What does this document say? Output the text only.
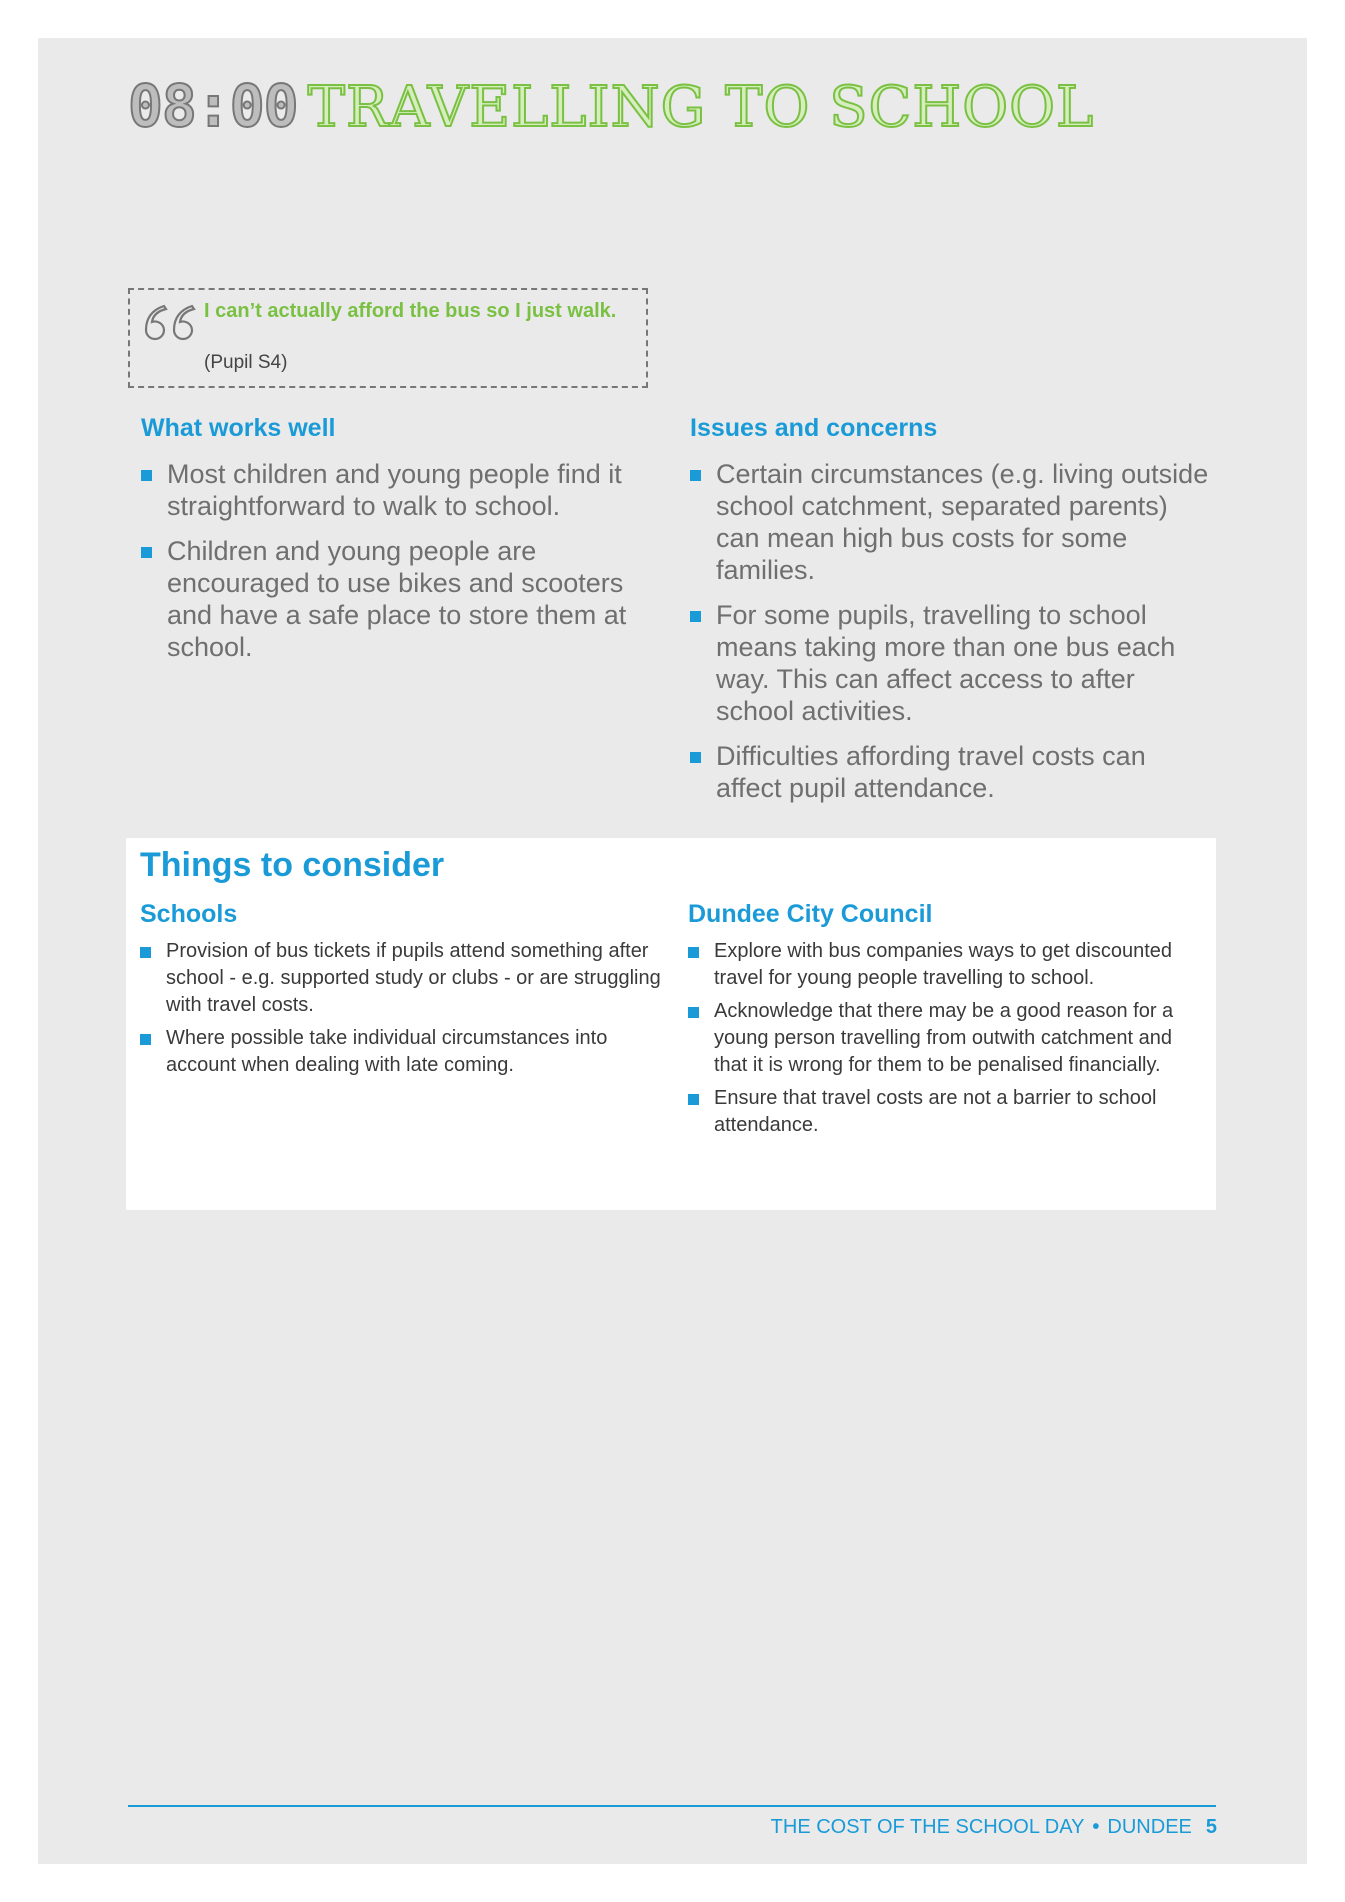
08 : 00 TRAVELLING TO SCHOOL
I can’t actually afford the bus so I just walk.
(Pupil S4)
What works well
Most children and young people find it straightforward to walk to school.
Children and young people are encouraged to use bikes and scooters and have a safe place to store them at school.
Issues and concerns
Certain circumstances (e.g. living outside school catchment, separated parents) can mean high bus costs for some families.
For some pupils, travelling to school means taking more than one bus each way. This can affect access to after school activities.
Difficulties affording travel costs can affect pupil attendance.
Things to consider
Schools
Provision of bus tickets if pupils attend something after school - e.g. supported study or clubs - or are struggling with travel costs.
Where possible take individual circumstances into account when dealing with late coming.
Dundee City Council
Explore with bus companies ways to get discounted travel for young people travelling to school.
Acknowledge that there may be a good reason for a young person travelling from outwith catchment and that it is wrong for them to be penalised financially.
Ensure that travel costs are not a barrier to school attendance.
THE COST OF THE SCHOOL DAY • DUNDEE 5
